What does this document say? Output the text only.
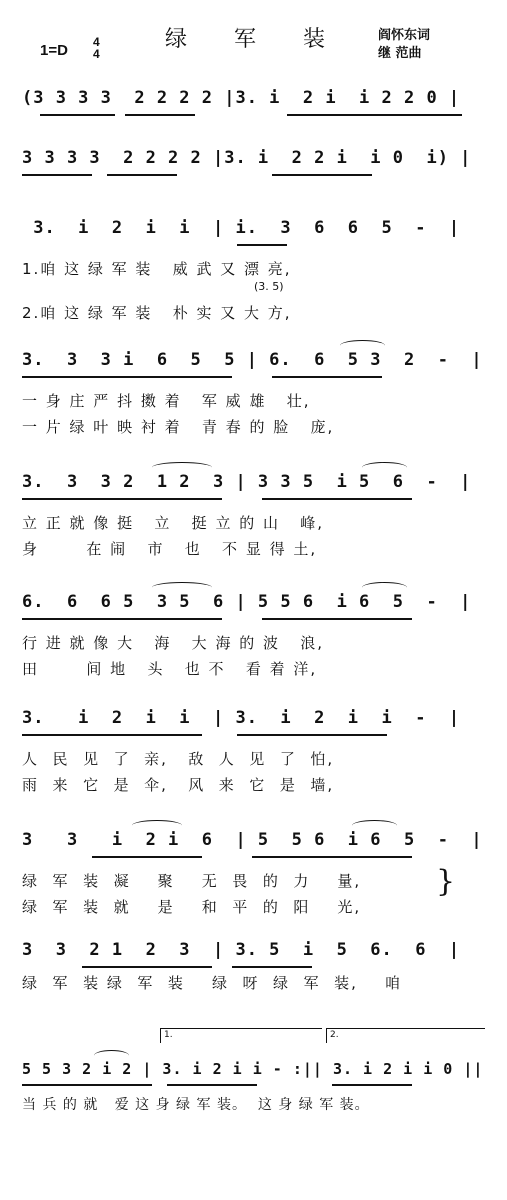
绿 军 装
1=D 4
4
阎怀东词
继 范曲
(3 3 3 3  2 2 2 2 |3. i  2 i  i 2 2 0 |
3 3 3 3  2 2 2 2 |3. i  2 2 i  i 0  i) |
3.  i  2  i  i  | i.  3  6  6  5  -  |
1.咱 这 绿 军 装   威 武 又 漂 亮,
(3. 5)
2.咱 这 绿 军 装   朴 实 又 大 方,
3.  3  3 i  6  5  5 | 6.  6  5 3  2  -  |
一 身 庄 严 抖 擞 着   军 威 雄   壮,
一 片 绿 叶 映 衬 着   青 春 的 脸   庞,
3.  3  3 2  1 2  3 | 3 3 5  i 5  6  -  |
立 正 就 像 挺   立   挺 立 的 山   峰,
身       在 闹   市   也   不 显 得 土,
6.  6  6 5  3 5  6 | 5 5 6  i 6  5  -  |
行 进 就 像 大   海   大 海 的 波   浪,
田       间 地   头   也 不   看 着 洋,
3.   i  2  i  i  | 3.  i  2  i  i  -  |
人  民  见  了  亲,   敌  人  见  了  怕,
雨  来  它  是  伞,   风  来  它  是  墙,
3   3   i  2 i  6  | 5  5 6  i 6  5  -  |
绿  军  装  凝    聚    无  畏  的  力    量,
绿  军  装  就    是    和  平  的  阳    光,
}
3  3  2 1  2  3  | 3. 5  i  5  6.  6  |
绿  军  装 绿  军  装    绿  呀  绿  军  装,    咱
1.	2.
5 5 3 2 i 2 | 3. i 2 i i - :|| 3. i 2 i i 0 ||
当 兵 的 就   爱 这 身 绿 军 装。  这 身 绿 军 装。
